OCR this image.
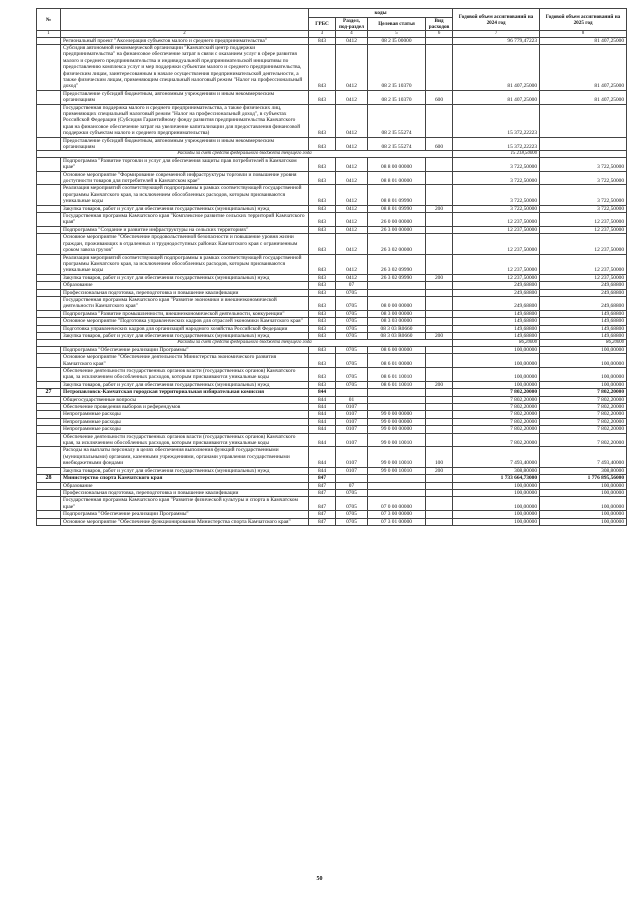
№		коды				Годовой объем ассигнований на 2024 год	Годовой объем ассигнований на 2025 год
		ГРБС	Раздел, под-раздел	Целевая статья	Вид расходов		
1	2	3	4	5	6	7	8
	Региональный проект "Акселерация субъектов малого и среднего предпринимательства"	843	0412	08 2 I5 00000		96 779,47223	81 407,25000
	Субсидия автономной некоммерческой организации "Камчатский центр поддержки предпринимательства" на финансовое обеспечение затрат в связи с оказанием услуг в сфере развития малого и среднего предпринимательства и индивидуальной предпринимательской инициативы по предоставлению комплекса услуг и мер поддержки субъектам малого и среднего предпринимательства, физическим лицам, заинтересованным в начале осуществления предпринимательской деятельности, а также физическим лицам, применяющим специальный налоговый режим "Налог на профессиональный доход"	843	0412	08 2 I5 10370		81 407,25000	81 407,25000
	Предоставление субсидий бюджетным, автономным учреждениям и иным некоммерческим организациям	843	0412	08 2 I5 10370	600	81 407,25000	81 407,25000
	Государственная поддержка малого и среднего предпринимательства, а также физических лиц, применяющих специальный налоговый режим "Налог на профессиональный доход", в субъектах Российской Федерации (Субсидия Гарантийному фонду развития предпринимательства Камчатского края на финансовое обеспечение затрат на увеличение капитализации для предоставления финансовой поддержки субъектам малого и среднего предпринимательства)	843	0412	08 2 I5 55274		15 372,22223	
	Предоставление субсидий бюджетным, автономным учреждениям и иным некоммерческим организациям	843	0412	08 2 I5 55274	600	15 372,22223	
Расходы за счет средств федерального бюджета текущего года						15 218,50000	
	Подпрограмма "Развитие торговли и услуг для обеспечения защиты прав потребителей в Камчатском крае"	843	0412	08 8 00 00000		3 722,50000	3 722,50000
	Основное мероприятие "Формирование современной инфраструктуры торговли и повышение уровня доступности товаров для потребителей в Камчатском крае"	843	0412	08 8 01 00000		3 722,50000	3 722,50000
	Реализация мероприятий соответствующей подпрограммы в рамках соответствующей государственной программы Камчатского края, за исключением обособленных расходов, которым присваиваются уникальные коды	843	0412	08 8 01 09990		3 722,50000	3 722,50000
	Закупка товаров, работ и услуг для обеспечения государственных (муниципальных) нужд	843	0412	08 8 01 09990	200	3 722,50000	3 722,50000
	Государственная программа Камчатского края "Комплексное развитие сельских территорий Камчатского края"	843	0412	26 0 00 00000		12 237,50000	12 237,50000
	Подпрограмма "Создание и развитие инфраструктуры на сельских территориях"	843	0412	26 3 00 00000		12 237,50000	12 237,50000
	Основное мероприятие "Обеспечение продовольственной безопасности и повышение уровня жизни граждан, проживающих в отдаленных и труднодоступных районах Камчатского края с ограниченным сроком завоза грузов"	843	0412	26 3 02 00000		12 237,50000	12 237,50000
	Реализация мероприятий соответствующей подпрограммы в рамках соответствующей государственной программы Камчатского края, за исключением обособленных расходов, которым присваиваются уникальные коды	843	0412	26 3 02 09990		12 237,50000	12 237,50000
	Закупка товаров, работ и услуг для обеспечения государственных (муниципальных) нужд	843	0412	26 3 02 09990	200	12 237,50000	12 237,50000
	Образование	843	07			249,68800	249,68800
	Профессиональная подготовка, переподготовка и повышение квалификации	843	0705			249,68800	249,68800
	Государственная программа Камчатского края "Развитие экономики и внешнеэкономической деятельности Камчатского края"	843	0705	08 0 00 00000		249,68800	249,68800
	Подпрограмма "Развитие промышленности, внешнеэкономической деятельности, конкуренции"	843	0705	08 3 00 00000		149,68800	149,68800
	Основное мероприятие "Подготовка управленческих кадров для отраслей экономики Камчатского края"	843	0705	08 3 03 00000		149,68800	149,68800
	Подготовка управленческих кадров для организаций народного хозяйства Российской Федерации	843	0705	08 3 03 R0660		149,68800	149,68800
	Закупка товаров, работ и услуг для обеспечения государственных (муниципальных) нужд	843	0705	08 3 03 R0660	200	149,68800	149,68800
Расходы за счет средств федерального бюджета текущего года						86,20000	86,20000
	Подпрограмма "Обеспечение реализации Программы"	843	0705	08 6 00 00000		100,00000	100,00000
	Основное мероприятие "Обеспечение деятельности Министерства экономического развития Камчатского края"	843	0705	08 6 01 00000		100,00000	100,00000
	Обеспечение деятельности государственных органов власти (государственных органов) Камчатского края, за исключением обособленных расходов, которым присваиваются уникальные коды	843	0705	08 6 01 10010		100,00000	100,00000
	Закупка товаров, работ и услуг для обеспечения государственных (муниципальных) нужд	843	0705	08 6 01 10010	200	100,00000	100,00000
27	Петропавловск-Камчатская городская территориальная избирательная комиссия	844				7 802,20000	7 802,20000
	Общегосударственные вопросы	844	01			7 802,20000	7 802,20000
	Обеспечение проведения выборов и референдумов	844	0107			7 802,20000	7 802,20000
	Непрограммные расходы	844	0107	99 0 00 00000		7 802,20000	7 802,20000
	Непрограммные расходы	844	0107	99 0 00 00000		7 802,20000	7 802,20000
	Непрограммные расходы	844	0107	99 0 00 00000		7 802,20000	7 802,20000
	Обеспечение деятельности государственных органов власти (государственных органов) Камчатского края, за исключением обособленных расходов, которым присваиваются уникальные коды	844	0107	99 0 00 10010		7 802,20000	7 802,20000
	Расходы на выплаты персоналу в целях обеспечения выполнения функций государственными (муниципальными) органами, казенными учреждениями, органами управления государственными внебюджетными фондами	844	0107	99 0 00 10010	100	7 493,40000	7 493,40000
	Закупка товаров, работ и услуг для обеспечения государственных (муниципальных) нужд	844	0107	99 0 00 10010	200	308,80000	308,80000
28	Министерство спорта Камчатского края	847				1 733 664,73000	1 776 895,56000
	Образование	847	07			100,00000	100,00000
	Профессиональная подготовка, переподготовка и повышение квалификации	847	0705			100,00000	100,00000
	Государственная программа Камчатского края "Развитие физической культуры и спорта в Камчатском крае"	847	0705	07 0 00 00000		100,00000	100,00000
	Подпрограмма "Обеспечение реализации Программы"	847	0705	07 3 00 00000		100,00000	100,00000
	Основное мероприятие "Обеспечение функционирования Министерства спорта Камчатского края"	847	0705	07 3 01 00000		100,00000	100,00000
50
